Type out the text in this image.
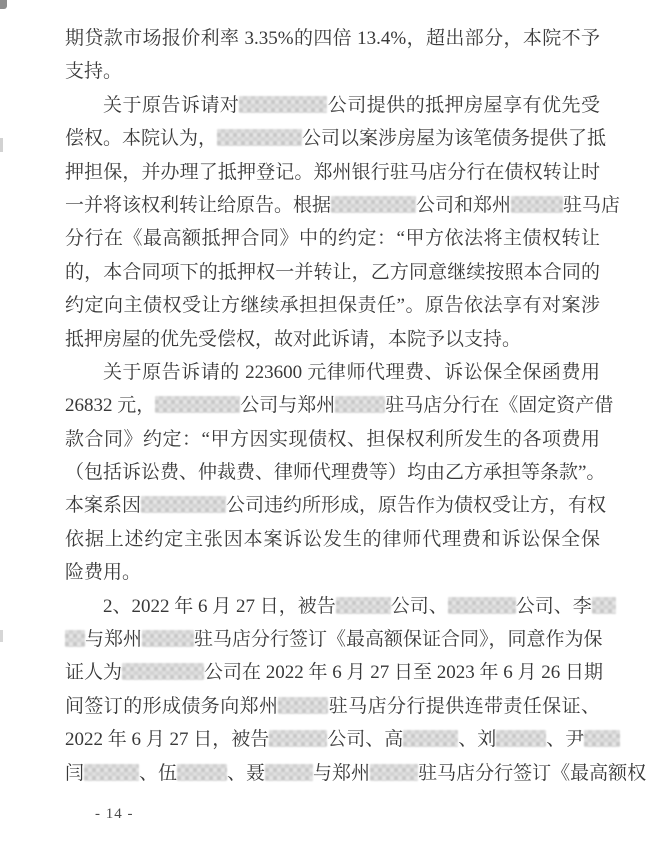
期贷款市场报价利率 3.35%的四倍 13.4%，超出部分，本院不予
支持。
关于原告诉请对	公司提供的抵押房屋享有优先受
偿权。本院认为，	公司以案涉房屋为该笔债务提供了抵
押担保，并办理了抵押登记。郑州银行驻马店分行在债权转让时
一并将该权利转让给原告。根据	公司和郑州	驻马店
分行在《最高额抵押合同》中的约定：“甲方依法将主债权转让
的，本合同项下的抵押权一并转让，乙方同意继续按照本合同的
约定向主债权受让方继续承担担保责任”。原告依法享有对案涉
抵押房屋的优先受偿权，故对此诉请，本院予以支持。
关于原告诉请的 223600 元律师代理费、诉讼保全保函费用
26832 元，	公司与郑州	驻马店分行在《固定资产借
款合同》约定：“甲方因实现债权、担保权利所发生的各项费用
（包括诉讼费、仲裁费、律师代理费等）均由乙方承担等条款”。
本案系因	公司违约所形成，原告作为债权受让方，有权
依据上述约定主张因本案诉讼发生的律师代理费和诉讼保全保
险费用。
2、2022 年 6 月 27 日，被告	公司、	公司、李
与郑州	驻马店分行签订《最高额保证合同》，同意作为保
证人为	公司在 2022 年 6 月 27 日至 2023 年 6 月 26 日期
间签订的形成债务向郑州	驻马店分行提供连带责任保证、
2022 年 6 月 27 日，被告	公司、高	、刘	、尹
闫	、伍	、聂	与郑州	驻马店分行签订《最高额权
- 14 -
